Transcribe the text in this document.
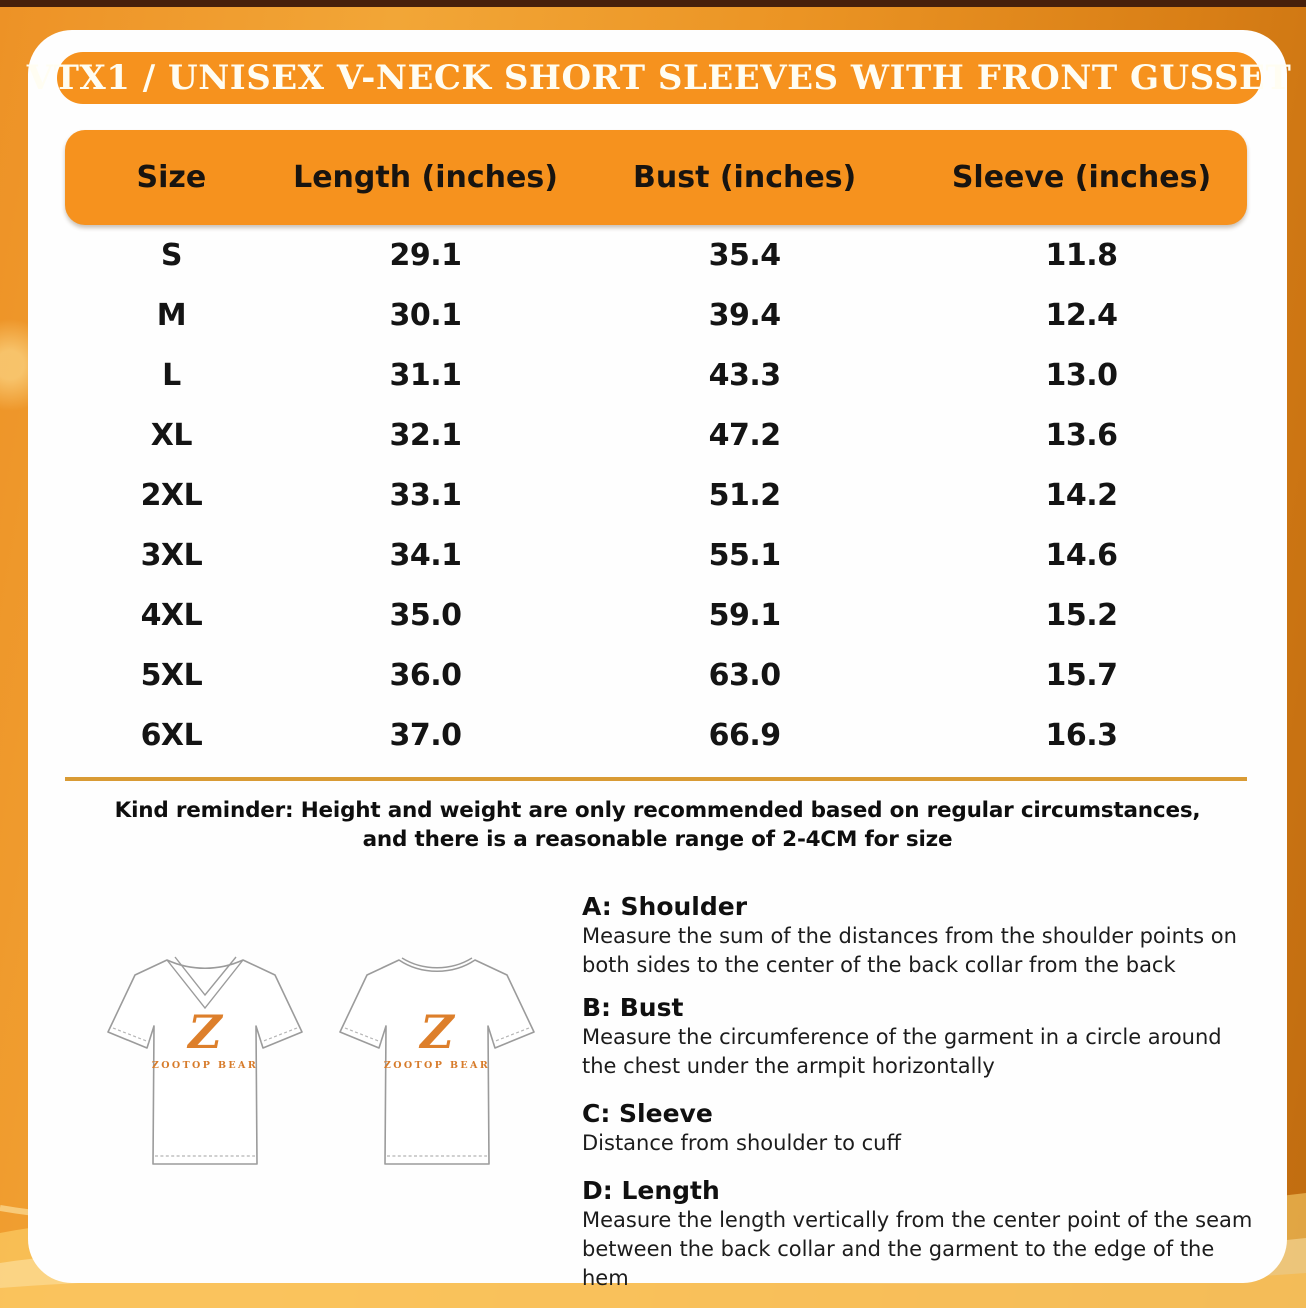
VTX1 / UNISEX V-NECK SHORT SLEEVES WITH FRONT GUSSET
Size	Length (inches)	Bust (inches)	Sleeve (inches)
S	29.1	35.4	11.8
M	30.1	39.4	12.4
L	31.1	43.3	13.0
XL	32.1	47.2	13.6
2XL	33.1	51.2	14.2
3XL	34.1	55.1	14.6
4XL	35.0	59.1	15.2
5XL	36.0	63.0	15.7
6XL	37.0	66.9	16.3
Kind reminder: Height and weight are only recommended based on regular circumstances,
and there is a reasonable range of 2-4CM for size
Z
ZOOTOP BEAR
Z
ZOOTOP BEAR
A: Shoulder

Measure the sum of the distances from the shoulder points on both sides to the center of the back collar from the back

B: Bust

Measure the circumference of the garment in a circle around the chest under the armpit horizontally

C: Sleeve

Distance from shoulder to cuff

D: Length

Measure the length vertically from the center point of the seam between the back collar and the garment to the edge of the hem
